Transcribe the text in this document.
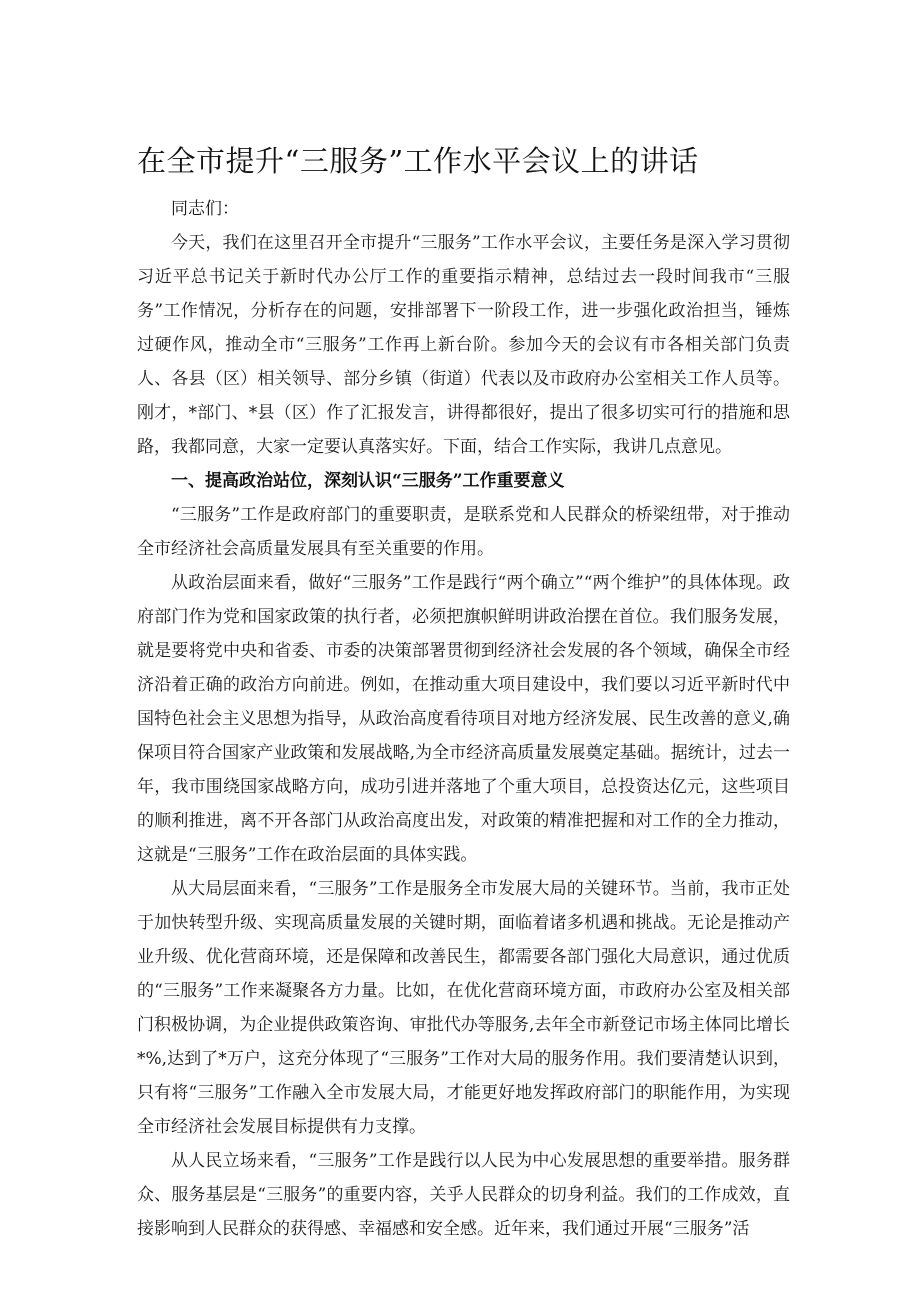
在全市提升“三服务”工作水平会议上的讲话

同志们：

今天，我们在这里召开全市提升“三服务”工作水平会议，主要任务是深入学习贯彻习近平总书记关于新时代办公厅工作的重要指示精神，总结过去一段时间我市“三服务”工作情况，分析存在的问题，安排部署下一阶段工作，进一步强化政治担当，锤炼过硬作风，推动全市“三服务”工作再上新台阶。参加今天的会议有市各相关部门负责人、各县（区）相关领导、部分乡镇（街道）代表以及市政府办公室相关工作人员等。刚才，*部门、*县（区）作了汇报发言，讲得都很好，提出了很多切实可行的措施和思路，我都同意，大家一定要认真落实好。下面，结合工作实际，我讲几点意见。

一、提高政治站位，深刻认识“三服务”工作重要意义

“三服务”工作是政府部门的重要职责，是联系党和人民群众的桥梁纽带，对于推动全市经济社会高质量发展具有至关重要的作用。

从政治层面来看，做好“三服务”工作是践行“两个确立”“两个维护”的具体体现。政府部门作为党和国家政策的执行者，必须把旗帜鲜明讲政治摆在首位。我们服务发展，就是要将党中央和省委、市委的决策部署贯彻到经济社会发展的各个领域，确保全市经济沿着正确的政治方向前进。例如，在推动重大项目建设中，我们要以习近平新时代中国特色社会主义思想为指导，从政治高度看待项目对地方经济发展、民生改善的意义,确保项目符合国家产业政策和发展战略,为全市经济高质量发展奠定基础。据统计，过去一年，我市围绕国家战略方向，成功引进并落地了个重大项目，总投资达亿元，这些项目的顺利推进，离不开各部门从政治高度出发，对政策的精准把握和对工作的全力推动，这就是“三服务”工作在政治层面的具体实践。

从大局层面来看，“三服务”工作是服务全市发展大局的关键环节。当前，我市正处于加快转型升级、实现高质量发展的关键时期，面临着诸多机遇和挑战。无论是推动产业升级、优化营商环境，还是保障和改善民生，都需要各部门强化大局意识，通过优质的“三服务”工作来凝聚各方力量。比如，在优化营商环境方面，市政府办公室及相关部门积极协调，为企业提供政策咨询、审批代办等服务,去年全市新登记市场主体同比增长*%,达到了*万户，这充分体现了“三服务”工作对大局的服务作用。我们要清楚认识到，只有将“三服务”工作融入全市发展大局，才能更好地发挥政府部门的职能作用，为实现全市经济社会发展目标提供有力支撑。

从人民立场来看，“三服务”工作是践行以人民为中心发展思想的重要举措。服务群众、服务基层是“三服务”的重要内容，关乎人民群众的切身利益。我们的工作成效，直接影响到人民群众的获得感、幸福感和安全感。近年来，我们通过开展“三服务”活
